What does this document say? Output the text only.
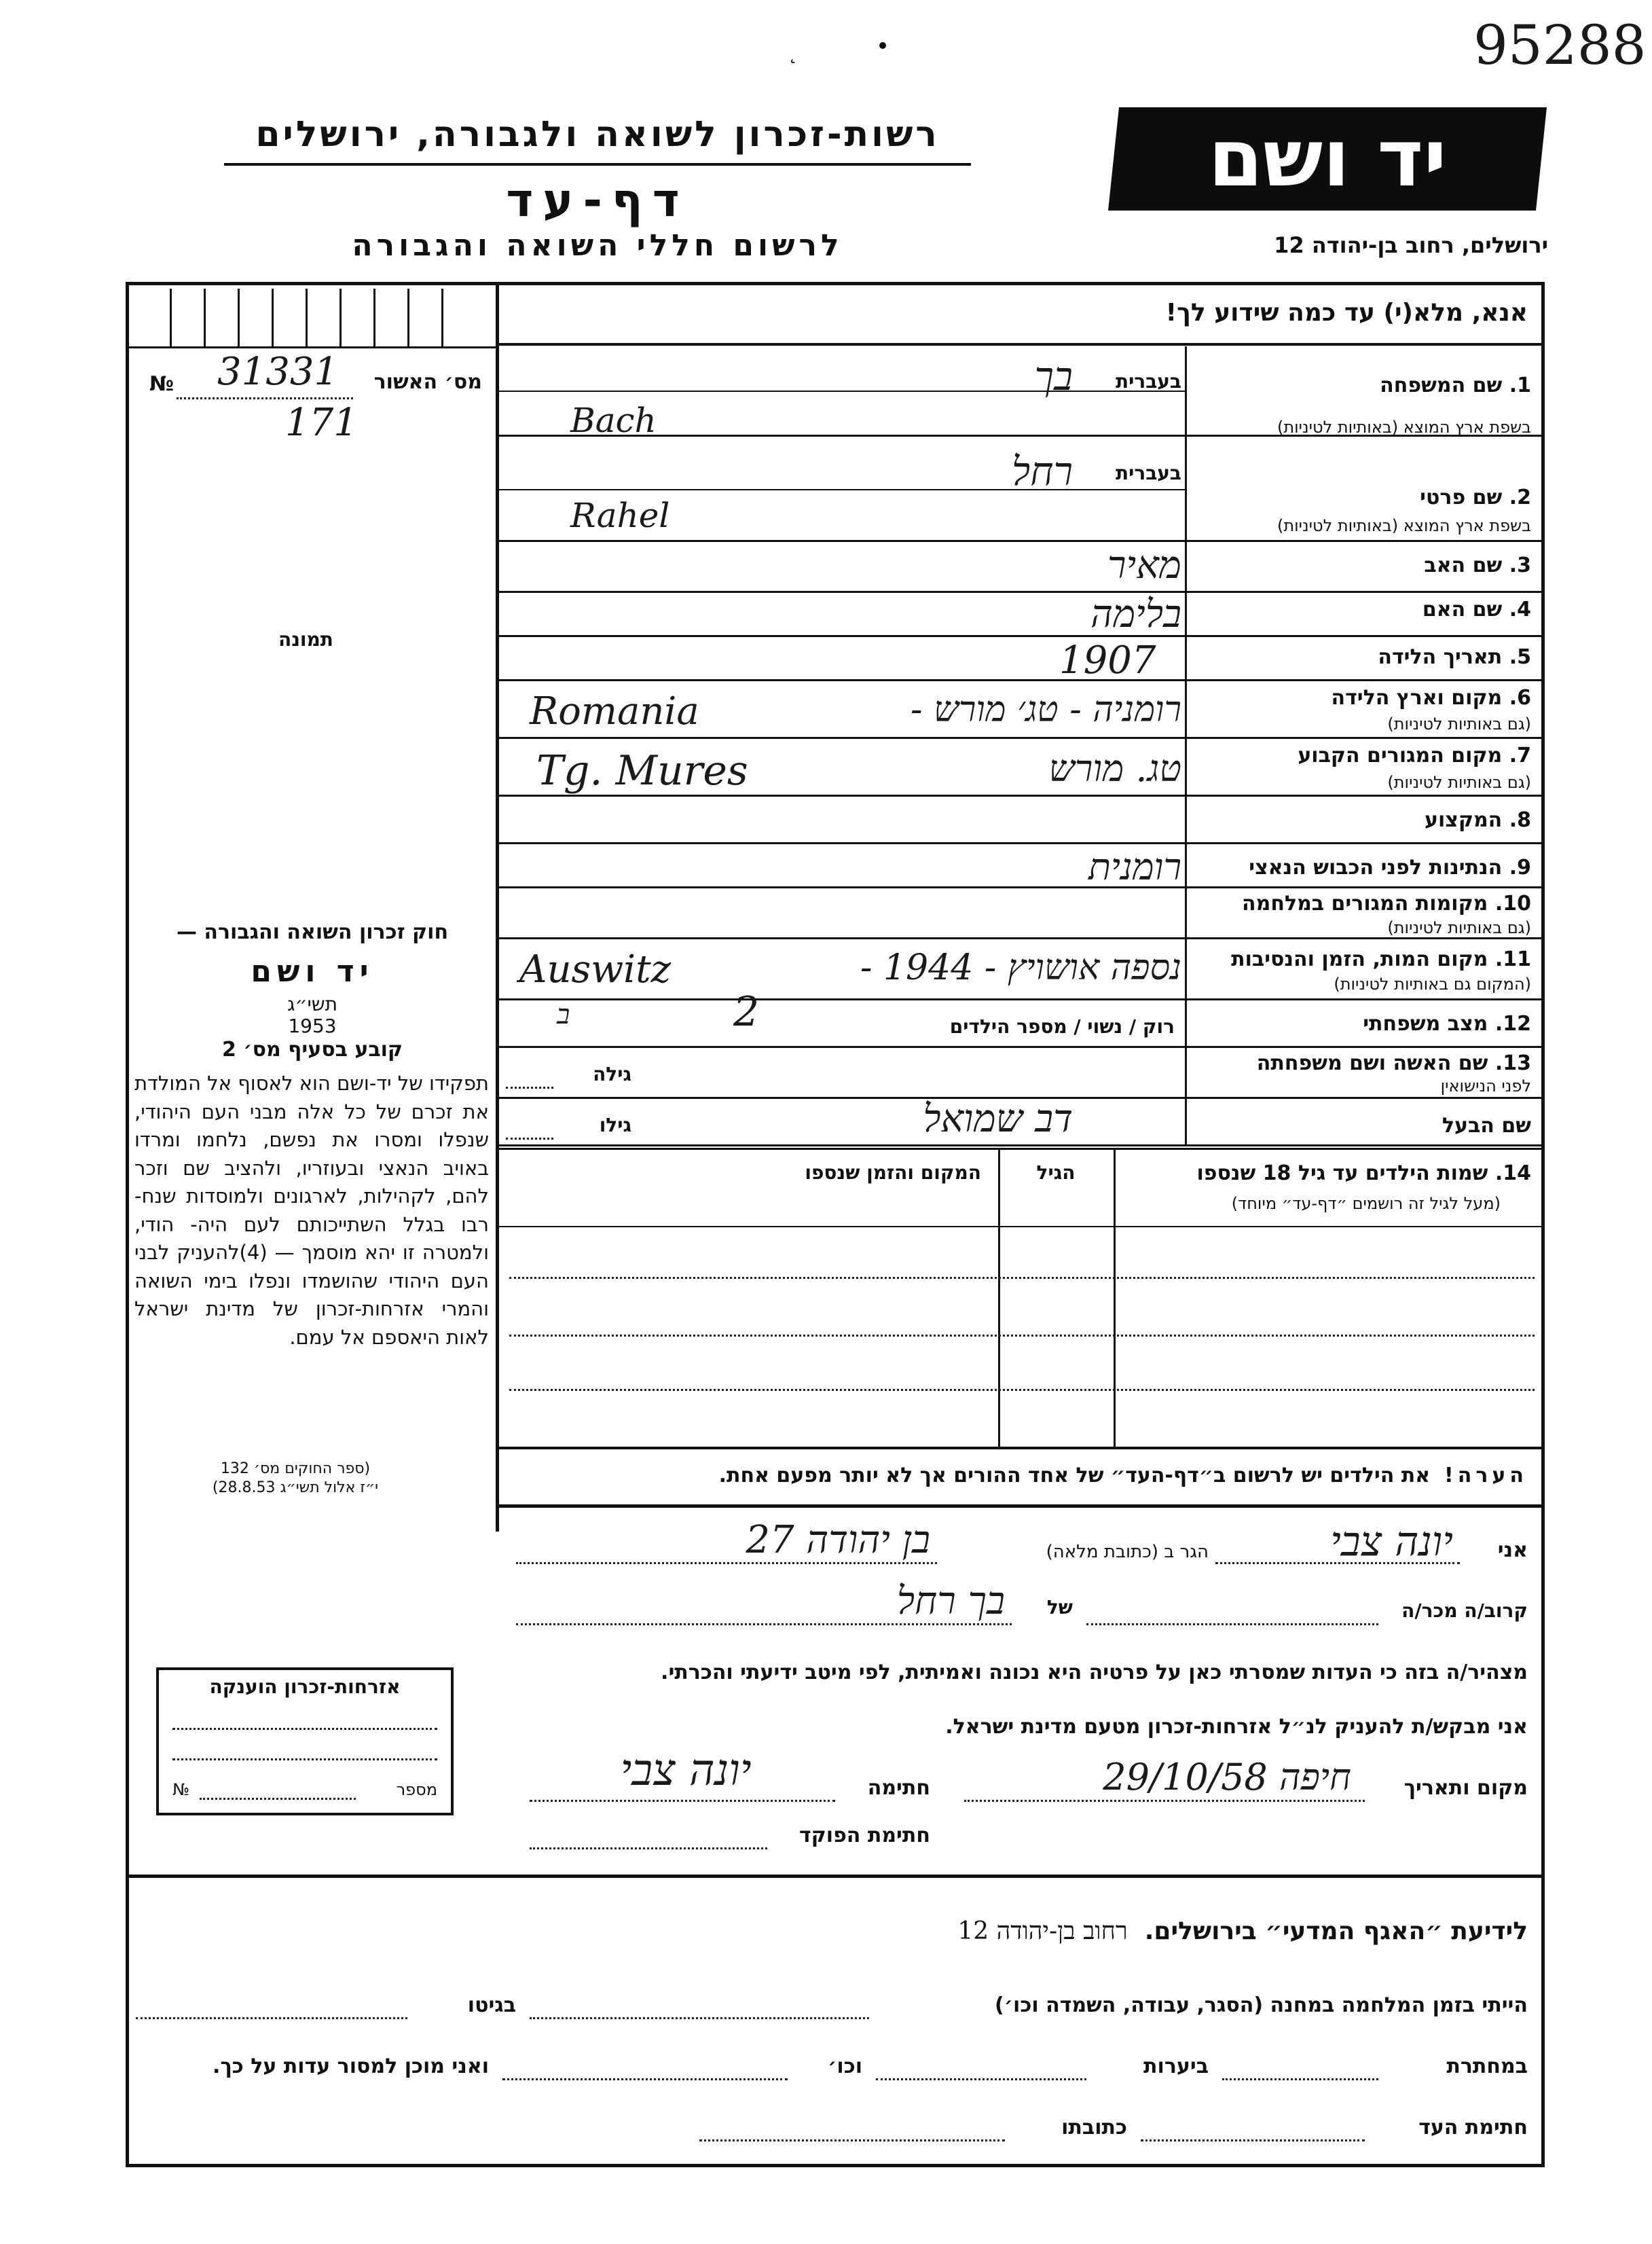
95288
˛
רשות-זכרון לשואה ולגבורה, ירושלים
דף-עד
לרשום חללי השואה והגבורה
יד ושם
ירושלים, רחוב בן-יהודה 12
אנא, מלא(י) עד כמה שידוע לך!
№ 31331	מס׳ האשור
171
תמונה
חוק זכרון השואה והגבורה —
יד ושם
תשי״ג
1953
קובע בסעיף מס׳ 2
תפקידו של יד-ושם הוא לאסוף אל המולדת את זכרם של כל אלה מבני העם היהודי, שנפלו ומסרו את נפשם, נלחמו ומרדו באויב הנאצי ובעוזריו, ולהציב שם וזכר להם, לקהילות, לארגונים ולמוסדות שנח- רבו בגלל השתייכותם לעם היה- הודי, ולמטרה זו יהא מוסמך — (4)להעניק לבני העם היהודי שהושמדו ונפלו בימי השואה והמרי אזרחות-זכרון של מדינת ישראל לאות היאספם אל עמם.
(ספר החוקים מס׳ 132
י״ז אלול תשי״ג 28.8.53)
1. שם המשפחה
בשפת ארץ המוצא (באותיות לטיניות)
בעברית
בך
Bach
2. שם פרטי
בשפת ארץ המוצא (באותיות לטיניות)
בעברית
רחל
Rahel
3. שם האב
מאיר
4. שם האם
בלימה
5. תאריך הלידה
1907
6. מקום וארץ הלידה
(גם באותיות לטיניות)
רומניה - טג׳ מורש -
Romania
7. מקום המגורים הקבוע
(גם באותיות לטיניות)
טג. מורש
Tg. Mures
8. המקצוע
9. הנתינות לפני הכבוש הנאצי
רומנית
10. מקומות המגורים במלחמה
(גם באותיות לטיניות)
11. מקום המות, הזמן והנסיבות
(המקום גם באותיות לטיניות)
נספה אושויץ - 1944 -
Auswitz
12. מצב משפחתי
רוק / נשוי / מספר הילדים
2
ב
13. שם האשה ושם משפחתה
לפני הנישואין
גילה
שם הבעל
גילו	דב שמואל
14. שמות הילדים עד גיל 18 שנספו
(מעל לגיל זה רושמים ״דף-עד״ מיוחד)
הגיל
המקום והזמן שנספו
הערה!  את הילדים יש לרשום ב״דף-העד״ של אחד ההורים אך לא יותר מפעם אחת.
אני
יונה צבי
הגר ב (כתובת מלאה)
בן יהודה 27
קרוב/ה מכר/ה
של
בך רחל
מצהיר/ה בזה כי העדות שמסרתי כאן על פרטיה היא נכונה ואמיתית, לפי מיטב ידיעתי והכרתי.
אני מבקש/ת להעניק לנ״ל אזרחות-זכרון מטעם מדינת ישראל.
מקום ותאריך
חיפה 29/10/58
חתימה
יונה צבי
חתימת הפוקד
אזרחות-זכרון הוענקה
מספר
№
לידיעת ״האגף המדעי״ בירושלים.  רחוב בן-יהודה 12
הייתי בזמן המלחמה במחנה (הסגר, עבודה, השמדה וכו׳)
בגיטו
במחתרת
ביערות
וכו׳
ואני מוכן למסור עדות על כך.
חתימת העד
כתובתו
